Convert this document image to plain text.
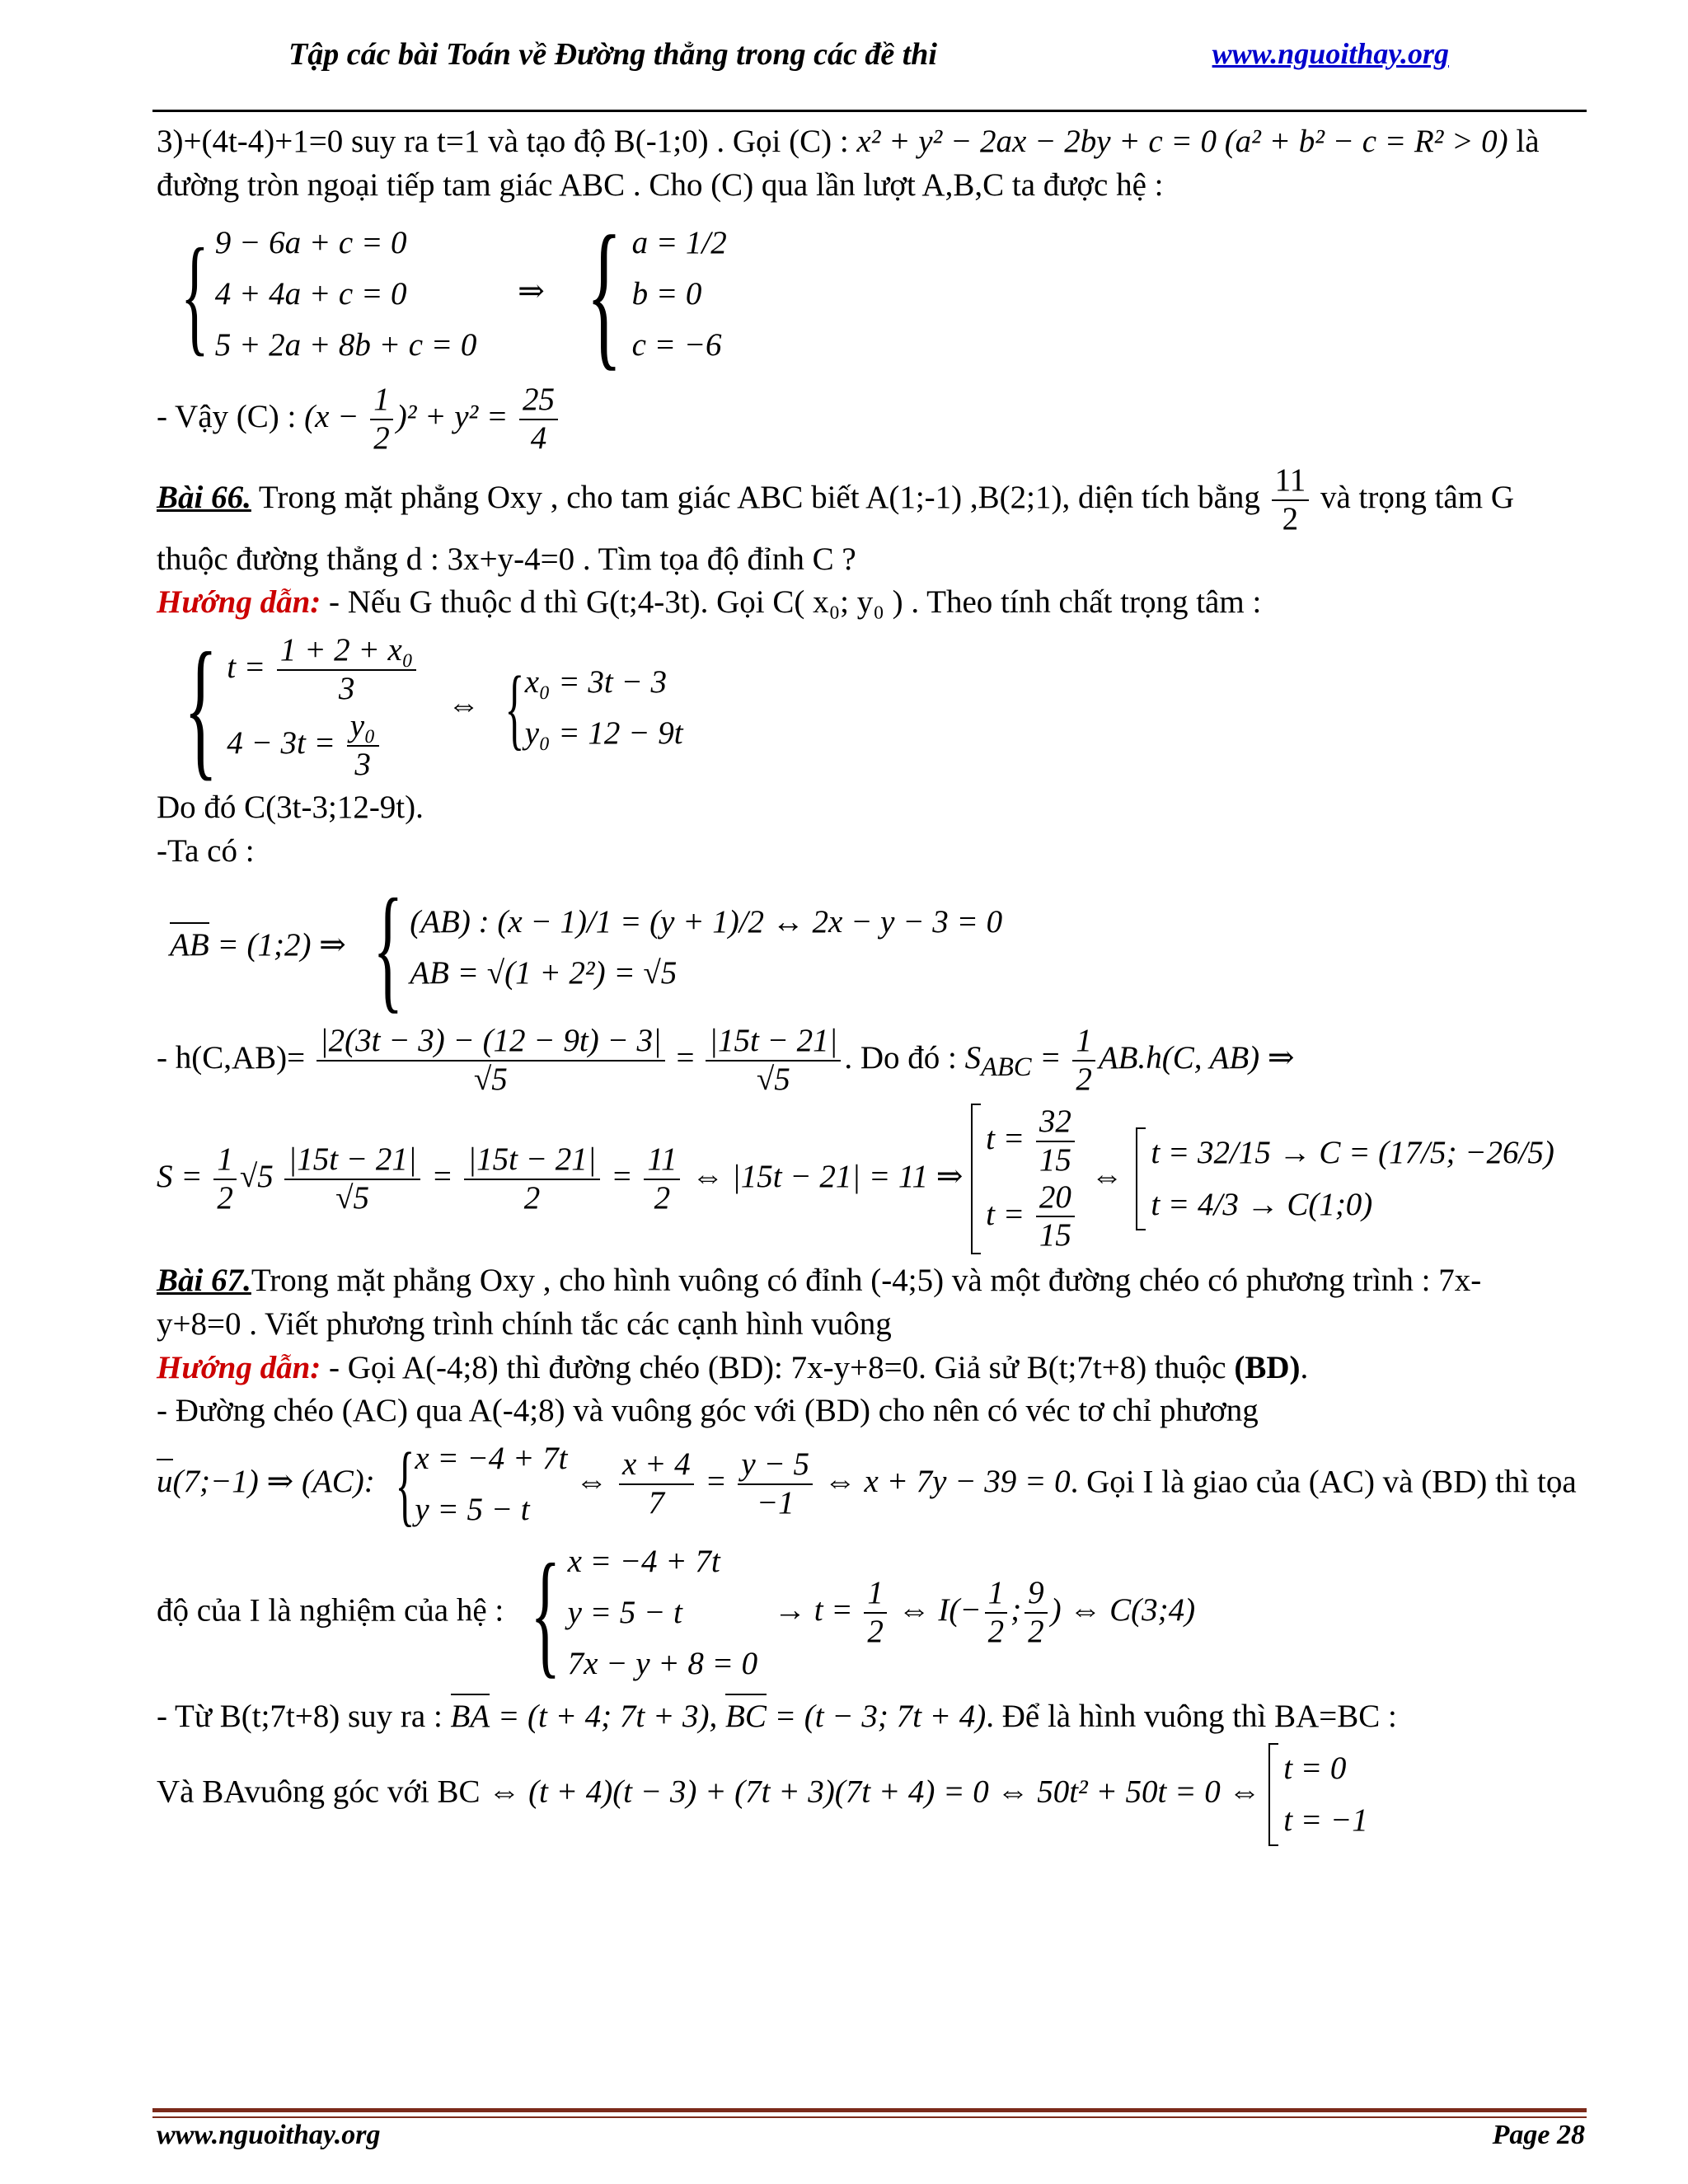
Tập các bài Toán về Đường thẳng trong các đề thi	www.nguoithay.org
3)+(4t-4)+1=0 suy ra t=1 và tạo độ B(-1;0) . Gọi (C) : x² + y² − 2ax − 2by + c = 0 (a² + b² − c = R² > 0) là
đường tròn ngoại tiếp tam giác ABC . Cho (C) qua lần lượt A,B,C ta được hệ :
{ 9 − 6a + c = 0
4 + 4a + c = 0
5 + 2a + 8b + c = 0
⇒ { a = 1/2
b = 0
c = −6
- Vậy (C) : $(x - \frac{1}{2} )^2 + y^2 = \frac{25}{4}$
Bài 66. Trong mặt phẳng Oxy , cho tam giác ABC biết A(1;-1) ,B(2;1), diện tích bằng $\frac{11}{2}$ và trọng tâm G
thuộc đường thẳng d : 3x+y-4=0 . Tìm tọa độ đỉnh C ?
Hướng dẫn: - Nếu G thuộc d thì G(t;4-3t). Gọi C( x₀; y₀ ) . Theo tính chất trọng tâm :
{ $t = \frac{\text{1 + 2 + x₀}}{3}$
$4 - 3t = \frac{\text{y₀}}{3}$
⇔ { x₀ = 3t − 3
y₀ = 12 − 9t
Do đó C(3t-3;12-9t).
-Ta có :
AB = (1;2) ⇒ { (AB) : (x − 1)/1 = (y + 1)/2 ↔ 2x − y − 3 = 0
AB = √(1 + 2²) = √5
- $h(C,AB)= \frac{|2(3t - 3) - (12 - 9t) - 3|}{√5} = \frac{|15t - 21|}{√5}$ . Do đó : $S_{ABC} = \frac{1}{2} AB.h(C$, AB) ⇒
$S = \frac{1}{2} √5 \frac{|15t - 21|}{√5} = \frac{|15t - 21|}{2} = \frac{11}{2}$ ⇔ |15t − 21| = 11 ⇒
$t = \frac{32}{15}$
$t = \frac{20}{15}$
⇔
t = 32/15 → C = (17/5; −26/5)
t = 4/3 → C(1;0)
Bài 67.Trong mặt phẳng Oxy , cho hình vuông có đỉnh (-4;5) và một đường chéo có phương trình : 7x-
y+8=0 . Viết phương trình chính tắc các cạnh hình vuông
Hướng dẫn: - Gọi A(-4;8) thì đường chéo (BD): 7x-y+8=0. Giả sử B(t;7t+8) thuộc (BD).
- Đường chéo (AC) qua A(-4;8) và vuông góc với (BD) cho nên có véc tơ chỉ phương
u(7;−1) ⇒ (AC): { x = −4 + 7t
y = 5 − t
⇔ $\frac{x + 4}{7} = \frac{y - 5}{-1}$ ⇔ x + 7y − 39 = 0. Gọi I là giao của (AC) và (BD) thì tọa
độ của I là nghiệm của hệ : { x = −4 + 7t
y = 5 − t
7x − y + 8 = 0
→ $t = \frac{1}{2}$ ⇔ $I(- \frac{1}{2}$ ; $\frac{9}{2}$ ) ⇔ C(3;4)
- Từ B(t;7t+8) suy ra : BA = (t + 4; 7t + 3), BC = (t − 3; 7t + 4). Để là hình vuông thì BA=BC :
Và BAvuông góc với BC ⇔ (t + 4)(t − 3) + (7t + 3)(7t + 4) = 0 ⇔ 50t² + 50t = 0 ⇔
t = 0
t = −1
www.nguoithay.org	Page 28
